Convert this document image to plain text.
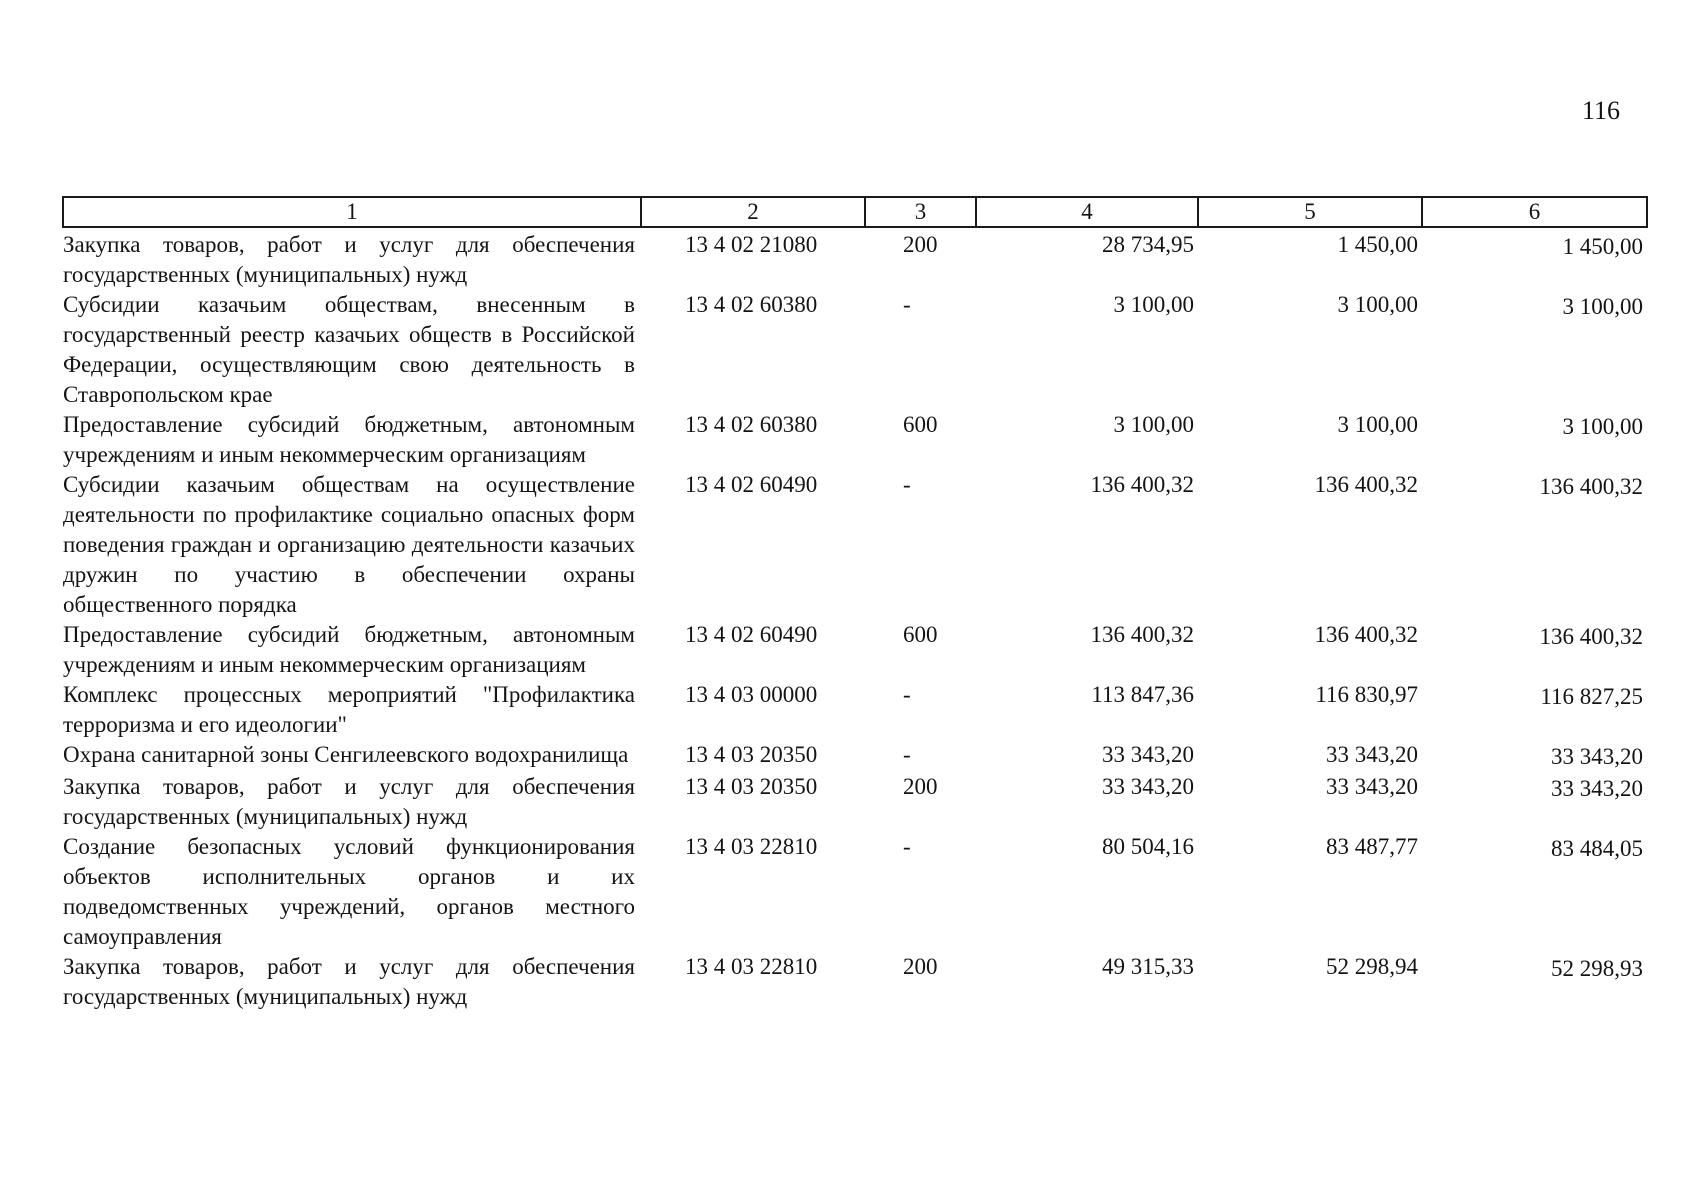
116
1	2	3	4	5	6

Закупка товаров, работ и услуг для обеспечения государственных (муниципальных) нужд	13 4 02 21080	200	28 734,95	1 450,00	1 450,00
Субсидии казачьим обществам, внесенным в государственный реестр казачьих обществ в Российской Федерации, осуществляющим свою деятельность в Ставропольском крае	13 4 02 60380	-	3 100,00	3 100,00	3 100,00
Предоставление субсидий бюджетным, автономным учреждениям и иным некоммерческим организациям	13 4 02 60380	600	3 100,00	3 100,00	3 100,00
Субсидии казачьим обществам на осуществление деятельности по профилактике социально опасных форм поведения граждан и организацию деятельности казачьих дружин по участию в обеспечении охраны общественного порядка	13 4 02 60490	-	136 400,32	136 400,32	136 400,32
Предоставление субсидий бюджетным, автономным учреждениям и иным некоммерческим организациям	13 4 02 60490	600	136 400,32	136 400,32	136 400,32
Комплекс процессных мероприятий "Профилактика терроризма и его идеологии"	13 4 03 00000	-	113 847,36	116 830,97	116 827,25
Охрана санитарной зоны Сенгилеевского водохранилища	13 4 03 20350	-	33 343,20	33 343,20	33 343,20
Закупка товаров, работ и услуг для обеспечения государственных (муниципальных) нужд	13 4 03 20350	200	33 343,20	33 343,20	33 343,20
Создание безопасных условий функционирования объектов исполнительных органов и их подведомственных учреждений, органов местного самоуправления	13 4 03 22810	-	80 504,16	83 487,77	83 484,05
Закупка товаров, работ и услуг для обеспечения государственных (муниципальных) нужд	13 4 03 22810	200	49 315,33	52 298,94	52 298,93
